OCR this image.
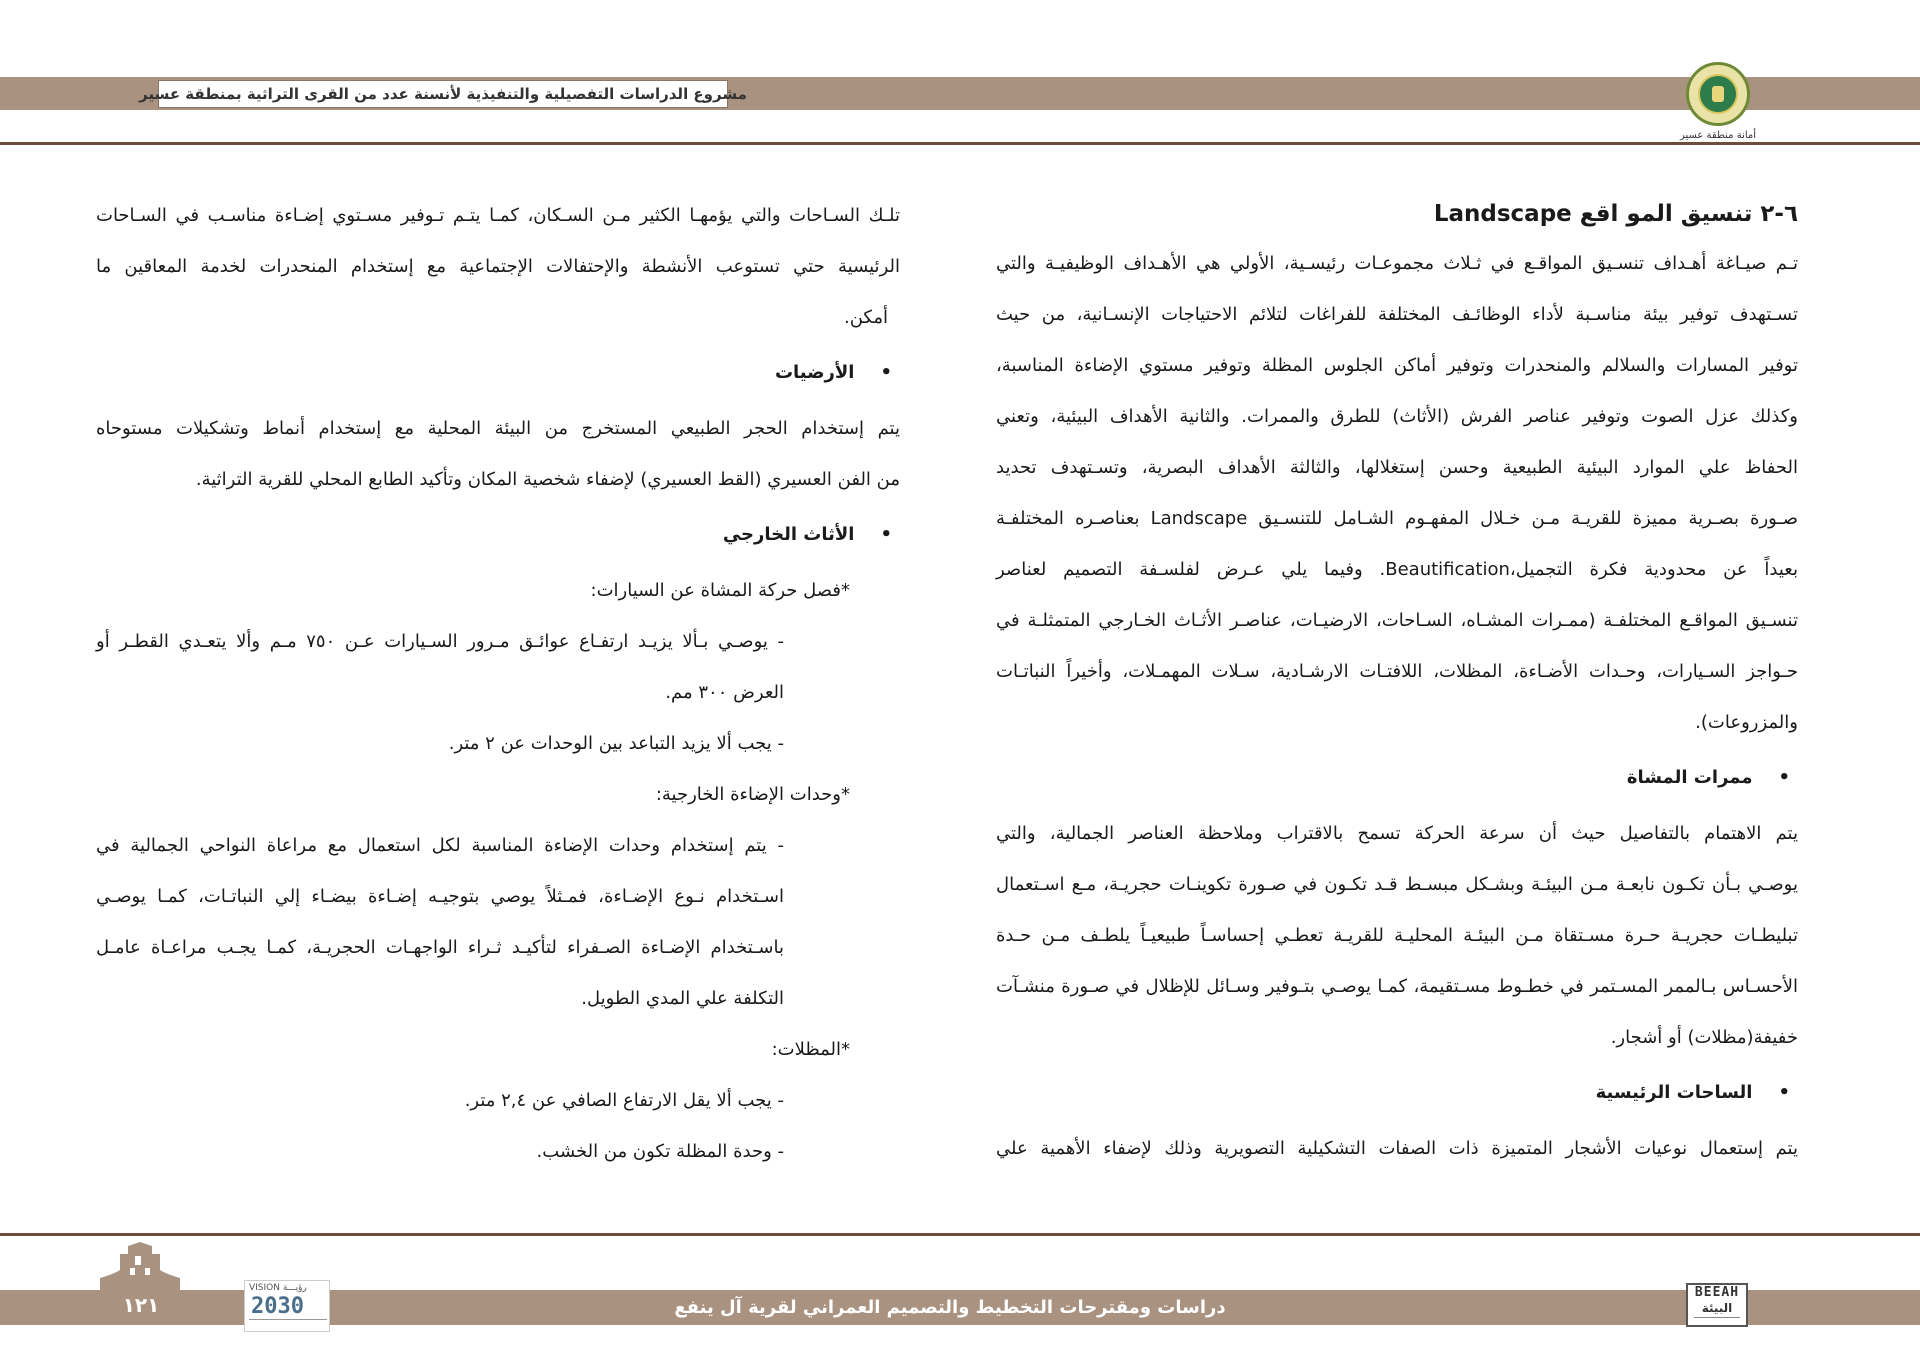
مشروع الدراسات التفصيلية والتنفيذية لأنسنة عدد من القرى التراثية بمنطقة عسير
أمانة منطقة عسير
٦-٢ تنسيق المو اقع Landscape
تـم صيـاغة أهـداف تنسـيق المواقـع في ثـلاث مجموعـات رئيسـية، الأولي هي الأهـداف الوظيفيـة والتي
تسـتهدف توفير بيئة مناسـبة لأداء الوظائـف المختلفة للفراغات لتلائم الاحتياجات الإنسـانية، من حيث
توفير المسارات والسلالم والمنحدرات وتوفير أماكن الجلوس المظلة وتوفير مستوي الإضاءة المناسبة،
وكذلك عزل الصوت وتوفير عناصر الفرش (الأثاث) للطرق والممرات. والثانية الأهداف البيئية، وتعني
الحفاظ علي الموارد البيئية الطبيعية وحسن إستغلالها، والثالثة الأهداف البصرية، وتسـتهدف تحديد
صـورة بصـرية مميزة للقريـة مـن خـلال المفهـوم الشـامل للتنسـيق Landscape بعناصـره المختلفـة
بعيداً عن محدودية فكرة التجميل،Beautification. وفيما يلي عـرض لفلسـفة التصميم لعناصر
تنسـيق المواقـع المختلفـة (ممـرات المشـاه، السـاحات، الارضيـات، عناصـر الأثـاث الخـارجي المتمثلـة في
حـواجز السـيارات، وحـدات الأضـاءة، المظلات، اللافتـات الارشـادية، سـلات المهمـلات، وأخيراً النباتـات
والمزروعات).
• ممرات المشاة
يتم الاهتمام بالتفاصيل حيث أن سرعة الحركة تسمح بالاقتراب وملاحظة العناصر الجمالية، والتي
يوصـي بـأن تكـون نابعـة مـن البيئـة وبشـكل مبسـط قـد تكـون في صـورة تكوينـات حجريـة، مـع اسـتعمال
تبليطـات حجريـة حـرة مسـتقاة مـن البيئـة المحليـة للقريـة تعطـي إحساسـاً طبيعيـاً يلطـف مـن حـدة
الأحسـاس بـالممر المسـتمر في خطـوط مسـتقيمة، كمـا يوصـي بتـوفير وسـائل للإظلال في صـورة منشـآت
خفيفة(مظلات) أو أشجار.
• الساحات الرئيسية
يتم إستعمال نوعيات الأشجار المتميزة ذات الصفات التشكيلية التصويرية وذلك لإضفاء الأهمية علي
تلـك السـاحات والتي يؤمهـا الكثير مـن السـكان، كمـا يتـم تـوفير مسـتوي إضـاءة مناسـب في السـاحات
الرئيسية حتي تستوعب الأنشطة والإحتفالات الإجتماعية مع إستخدام المنحدرات لخدمة المعاقين ما
أمكن.
• الأرضيات
يتم إستخدام الحجر الطبيعي المستخرج من البيئة المحلية مع إستخدام أنماط وتشكيلات مستوحاه
من الفن العسيري (القط العسيري) لإضفاء شخصية المكان وتأكيد الطابع المحلي للقرية التراثية.
• الأثاث الخارجي
*فصل حركة المشاة عن السيارات:
- يوصـي بـألا يزيـد ارتفـاع عوائـق مـرور السـيارات عـن ٧٥٠ مـم وألا يتعـدي القطـر أو
العرض ٣٠٠ مم.
- يجب ألا يزيد التباعد بين الوحدات عن ٢ متر.
*وحدات الإضاءة الخارجية:
- يتم إستخدام وحدات الإضاءة المناسبة لكل استعمال مع مراعاة النواحي الجمالية في
اسـتخدام نـوع الإضـاءة، فمـثلاً يوصي بتوجيـه إضـاءة بيضـاء إلي النباتـات، كمـا يوصـي
باسـتخدام الإضـاءة الصـفراء لتأكيـد ثـراء الواجهـات الحجريـة، كمـا يجـب مراعـاة عامـل
التكلفة علي المدي الطويل.
*المظلات:
- يجب ألا يقل الارتفاع الصافي عن ٢,٤ متر.
- وحدة المظلة تكون من الخشب.
١٢١
VISION رؤيـــة
2030	دراسات ومقترحات التخطيط والتصميم العمراني لقرية آل ينفع
BEEAH
البيئة
